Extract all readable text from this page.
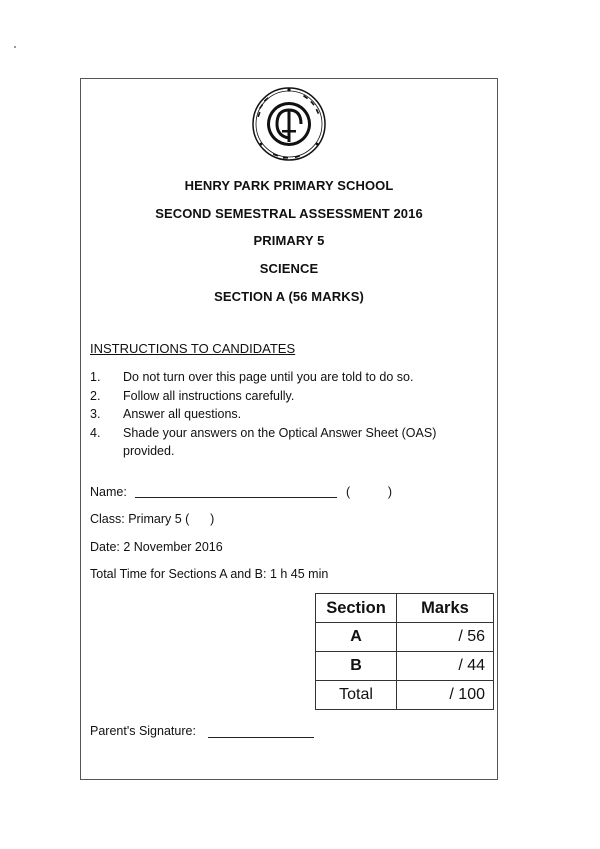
HENRY PARK PRIMARY SCHOOL
SECOND SEMESTRAL ASSESSMENT 2016
PRIMARY 5
SCIENCE
SECTION A (56 MARKS)
INSTRUCTIONS TO CANDIDATES
1.	Do not turn over this page until you are told to do so.
2.	Follow all instructions carefully.
3.	Answer all questions.
4.	Shade your answers on the Optical Answer Sheet (OAS) provided.
Name:	(	)
Class: Primary 5 (      )
Date: 2 November 2016
Total Time for Sections A and B: 1 h 45 min
Section	Marks
A	/ 56
B	/ 44
Total	/ 100
Parent's Signature:
